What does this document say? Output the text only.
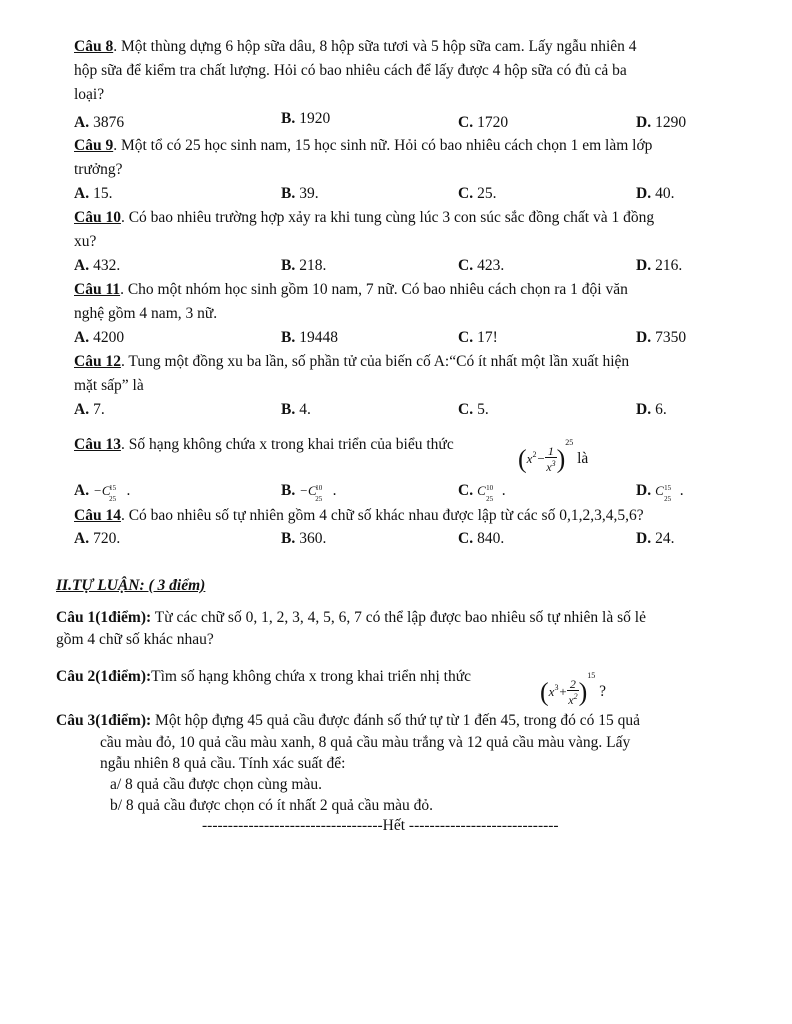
Câu 8. Một thùng dựng 6 hộp sữa dâu, 8 hộp sữa tươi và 5 hộp sữa cam. Lấy ngẫu nhiên 4
hộp sữa để kiểm tra chất lượng. Hỏi có bao nhiêu cách để lấy được 4 hộp sữa có đủ cả ba
loại?
A. 3876	B. 1920	C. 1720	D. 1290
Câu 9. Một tổ có 25 học sinh nam, 15 học sinh nữ. Hỏi có bao nhiêu cách chọn 1 em làm lớp
trưởng?
A. 15.	B. 39.	C. 25.	D. 40.
Câu 10. Có bao nhiêu trường hợp xảy ra khi tung cùng lúc 3 con súc sắc đồng chất và 1 đồng
xu?
A. 432.	B. 218.	C. 423.	D. 216.
Câu 11. Cho một nhóm học sinh gồm 10 nam, 7 nữ. Có bao nhiêu cách chọn ra 1 đội văn
nghệ gồm 4 nam, 3 nữ.
A. 4200	B. 19448	C. 17!	D. 7350
Câu 12. Tung một đồng xu ba lần, số phần tử của biến cố A:“Có ít nhất một lần xuất hiện
mặt sấp” là
A. 7.	B. 4.	C. 5.	D. 6.
Câu 13. Số hạng không chứa x trong khai triển của biểu thức $(x^2- \frac{1}{x^3} )^{25}$ là
A. −C
15
25 .	B. −C
10
25 .	C. C 10
25 .	D. C 15
25 .
Câu 14. Có bao nhiêu số tự nhiên gồm 4 chữ số khác nhau được lập từ các số 0,1,2,3,4,5,6?
A. 720.	B. 360.	C. 840.	D. 24.
II.TỰ LUẬN: ( 3 điểm)
Câu 1(1điểm): Từ các chữ số 0, 1, 2, 3, 4, 5, 6, 7 có thể lập được bao nhiêu số tự nhiên là số lẻ
gồm 4 chữ số khác nhau?
Câu 2(1điểm):Tìm số hạng không chứa x trong khai triển nhị thức
$(x^3+ \frac{2}{x^2} )^{15}$ ?
Câu 3(1điểm): Một hộp đựng 45 quả cầu được đánh số thứ tự từ 1 đến 45, trong đó có 15 quả
cầu màu đỏ, 10 quả cầu màu xanh, 8 quả cầu màu trắng và 12 quả cầu màu vàng. Lấy
ngẫu nhiên 8 quả cầu. Tính xác suất để:
a/ 8 quả cầu được chọn cùng màu.
b/ 8 quả cầu được chọn có ít nhất 2 quả cầu màu đỏ.
-----------------------------------Hết -----------------------------
